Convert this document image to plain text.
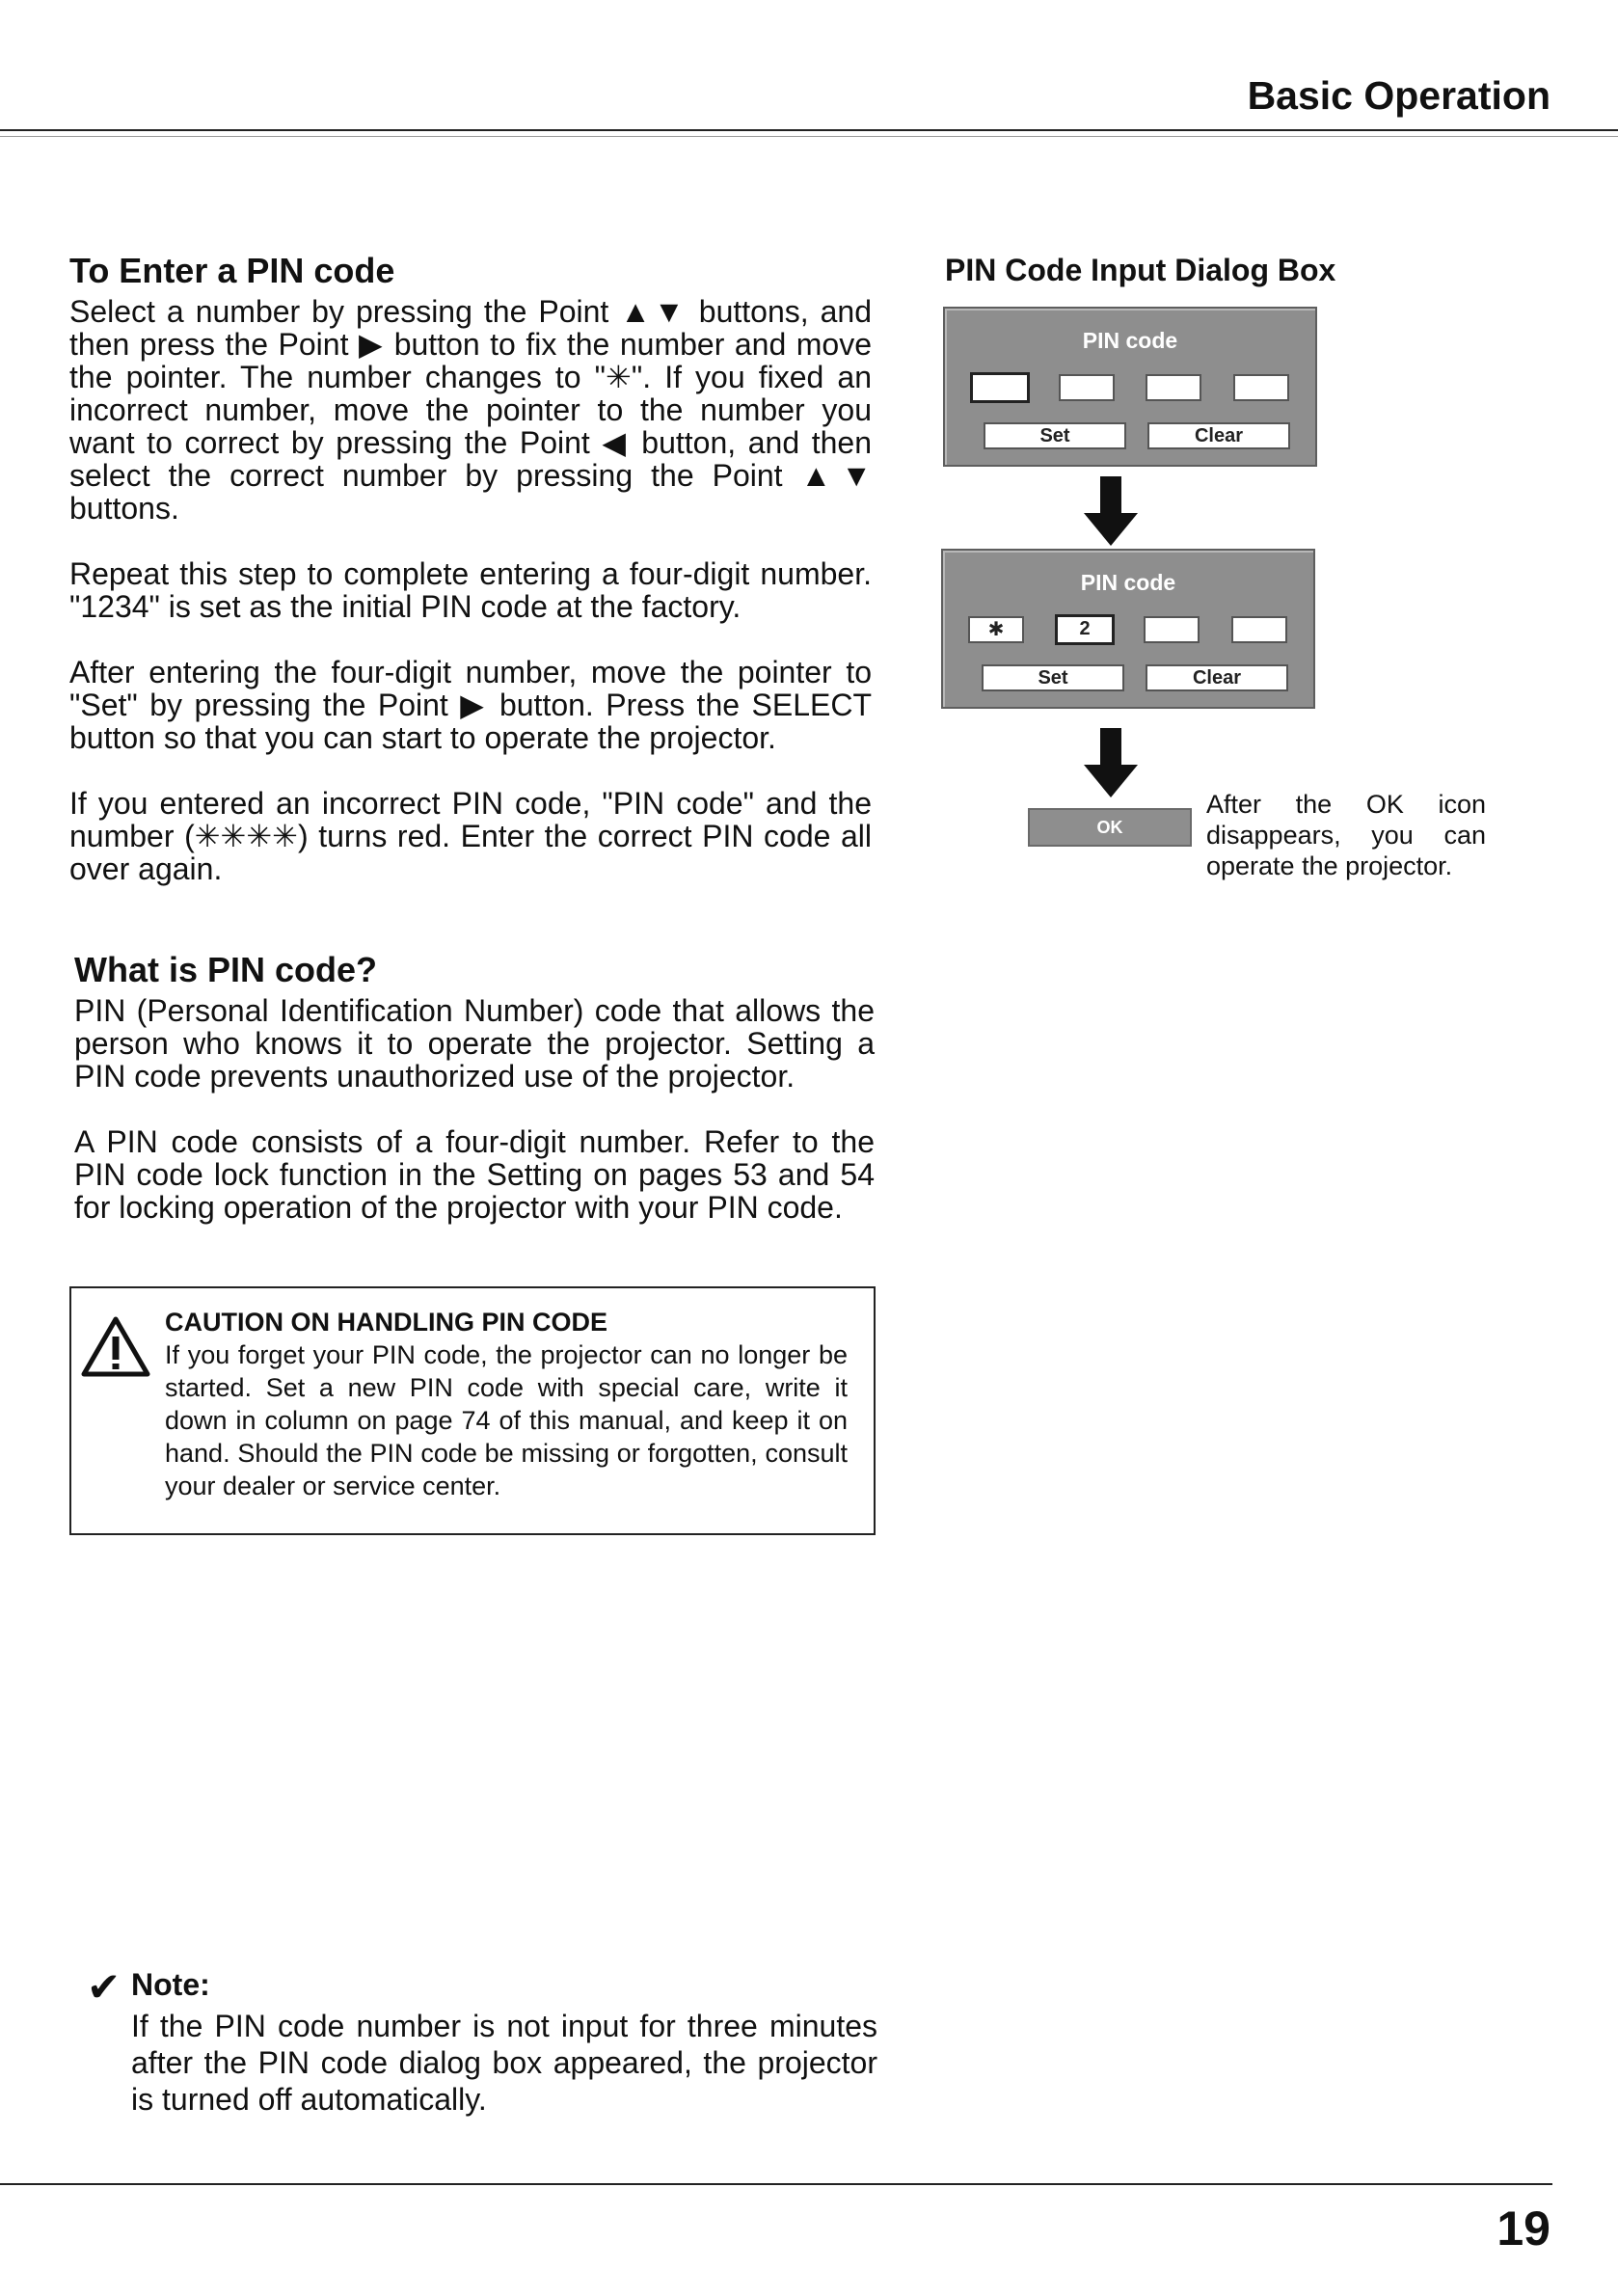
Basic Operation
To Enter a PIN code

Select a number by pressing the Point ▲▼ buttons, and then press the Point ▶ button to fix the number and move the pointer. The number changes to "✳". If you fixed an incorrect number, move the pointer to the number you want to correct by pressing the Point ◀ button, and then select the correct number by pressing the Point ▲▼ buttons.

Repeat this step to complete entering a four-digit number. "1234" is set as the initial PIN code at the factory.

After entering the four-digit number, move the pointer to "Set" by pressing the Point ▶ button. Press the SELECT button so that you can start to operate the projector.

If you entered an incorrect PIN code, "PIN code" and the number (✳✳✳✳) turns red. Enter the correct PIN code all over again.

What is PIN code?

PIN (Personal Identification Number) code that allows the person who knows it to operate the projector. Setting a PIN code prevents unauthorized use of the projector.

A PIN code consists of a four-digit number. Refer to the PIN code lock function in the Setting on pages 53 and 54 for locking operation of the projector with your PIN code.

CAUTION ON HANDLING PIN CODE
If you forget your PIN code, the projector can no longer be started. Set a new PIN code with special care, write it down in column on page 74 of this manual, and keep it on hand. Should the PIN code be missing or forgotten, consult your dealer or service center.
✔ Note:
If the PIN code number is not input for three minutes after the PIN code dialog box appeared, the projector is turned off automatically.
PIN Code Input Dialog Box
PIN code
Set	Clear
PIN code
✱	2
Set	Clear
OK
After the OK icon disappears, you can operate the projector.
19
